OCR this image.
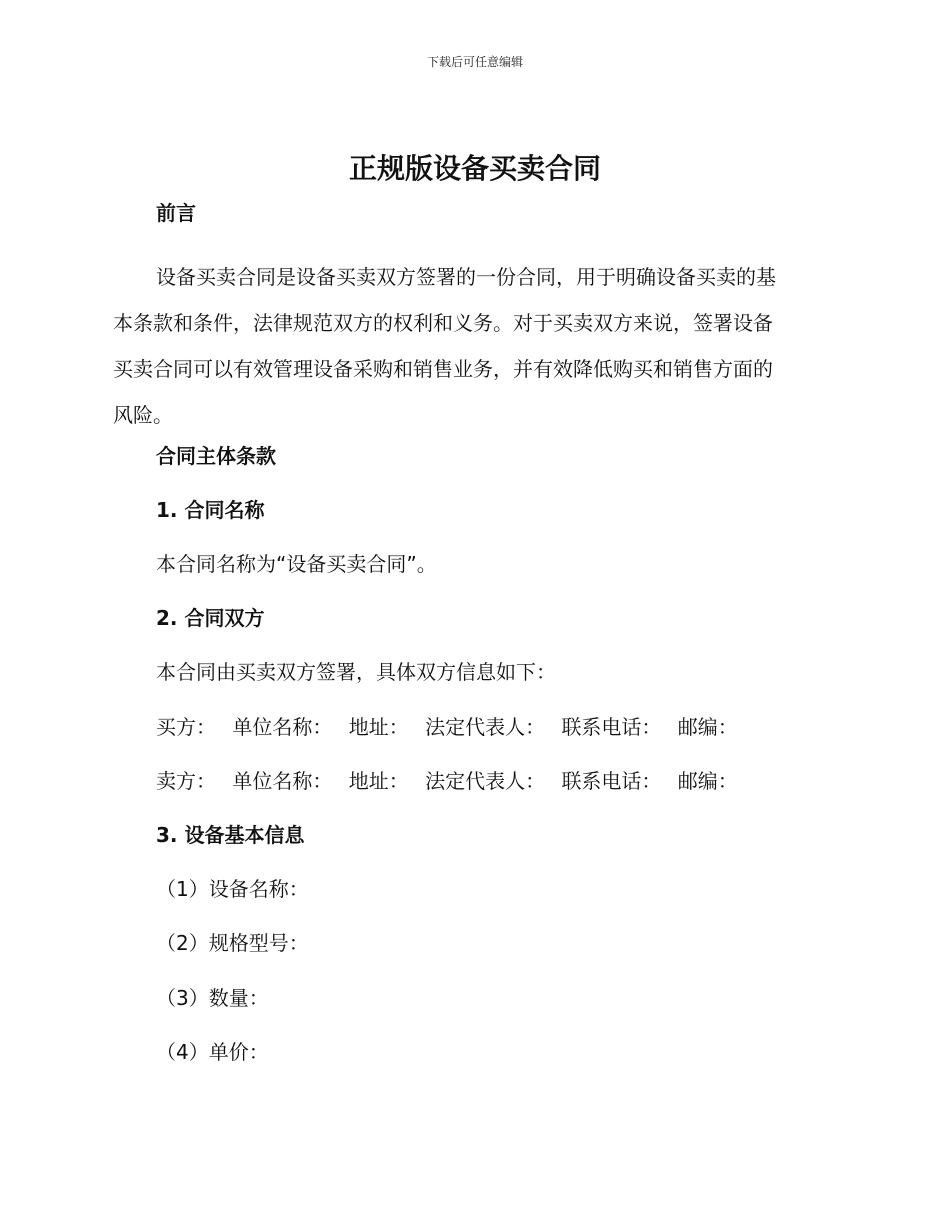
下载后可任意编辑
正规版设备买卖合同
前言
设备买卖合同是设备买卖双方签署的一份合同，用于明确设备买卖的基
本条款和条件，法律规范双方的权利和义务。对于买卖双方来说，签署设备
买卖合同可以有效管理设备采购和销售业务，并有效降低购买和销售方面的
风险。
合同主体条款
1. 合同名称
本合同名称为“设备买卖合同”。
2. 合同双方
本合同由买卖双方签署，具体双方信息如下：
买方： 单位名称： 地址： 法定代表人： 联系电话： 邮编：
卖方： 单位名称： 地址： 法定代表人： 联系电话： 邮编：
3. 设备基本信息
（1）设备名称：
（2）规格型号：
（3）数量：
（4）单价：
